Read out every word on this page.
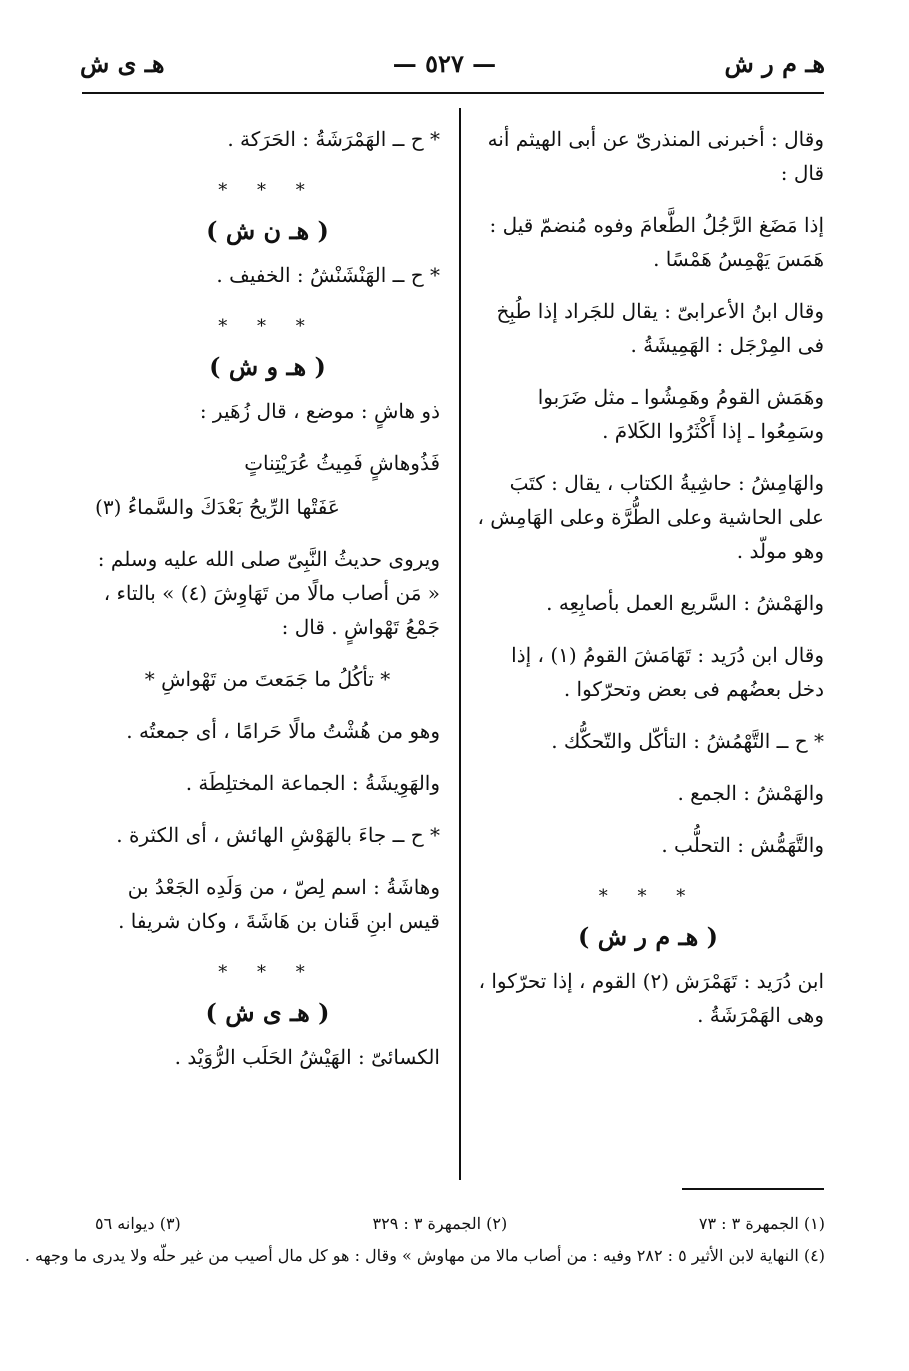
هـ م ر ش
— ٥٢٧ —
هـ ى ش

وقال : أخبرنى المنذرىّ عن أبى الهيثم أنه قال :

إذا مَضَغ الرَّجُلُ الطَّعامَ وفوه مُنضمّ قيل : هَمَسَ يَهْمِسُ هَمْسًا .

وقال ابنُ الأعرابىّ : يقال للجَراد إذا طُبِخ فى المِرْجَل : الهَمِيشَةُ .

وهَمَش القومُ وهَمِشُوا ـ مثل ضَرَبوا وسَمِعُوا ـ إذا أَكْثَرُوا الكَلامَ .

والهَامِشُ : حاشِيةُ الكتاب ، يقال : كتَبَ على الحاشية وعلى الطُّرَّة وعلى الهَامِش ، وهو مولّد .

والهَمْشُ : السَّريع العمل بأصابِعِه .

وقال ابن دُرَيد : تَهَامَشَ القومُ (١) ، إذا دخل بعضُهم فى بعض وتحرّكوا .

* ح ــ التَّهْمُشُ : التأكّل والتّحكُّك .

والهَمْشُ : الجمع .

والتَّهَمُّش : التحلُّب .

* * *
( هـ م ر ش )

ابن دُرَيد : تَهَمْرَش (٢) القوم ، إذا تحرّكوا ، وهى الهَمْرَشَةُ .

* ح ــ الهَمْرَشَةُ : الحَرَكة .

* * *
( هـ ن ش )

* ح ــ الهَنْشَنْشُ : الخفيف .

* * *
( هـ و ش )

ذو هاشٍ : موضع ، قال زُهَير :

فَذُوهاشٍ فَمِيثُ عُرَيْتِناتٍ
عَفَتْها الرِّيحُ بَعْدَكَ والسَّماءُ (٣)

ويروى حديثُ النَّبِىّ صلى الله عليه وسلم : « مَن أصاب مالًا من تَهَاوِشَ (٤) » بالتاء ، جَمْعُ تَهْواشٍ . قال :

* تأكُلُ ما جَمَعتَ من تَهْواشِ *

وهو من هُشْتُ مالًا حَرامًا ، أى جمعتُه .

والهَوِيشَةُ : الجماعة المختلِطَة .

* ح ــ جاءَ بالهَوْشِ الهائش ، أى الكثرة .

وهاشَةُ : اسم لِصّ ، من وَلَدِه الجَعْدُ بن قيس ابنِ قَنان بن هَاشَةَ ، وكان شريفا .

* * *
( هـ ى ش )

الكسائىّ : الهَيْشُ الحَلَب الرُّوَيْد .

(١) الجمهرة ٣ : ٧٣
(٢) الجمهرة ٣ : ٣٢٩
(٣) ديوانه ٥٦
(٤) النهاية لابن الأثير ٥ : ٢٨٢ وفيه : من أصاب مالا من مهاوش » وقال : هو كل مال أصيب من غير حلّه ولا يدرى ما وجهه .
